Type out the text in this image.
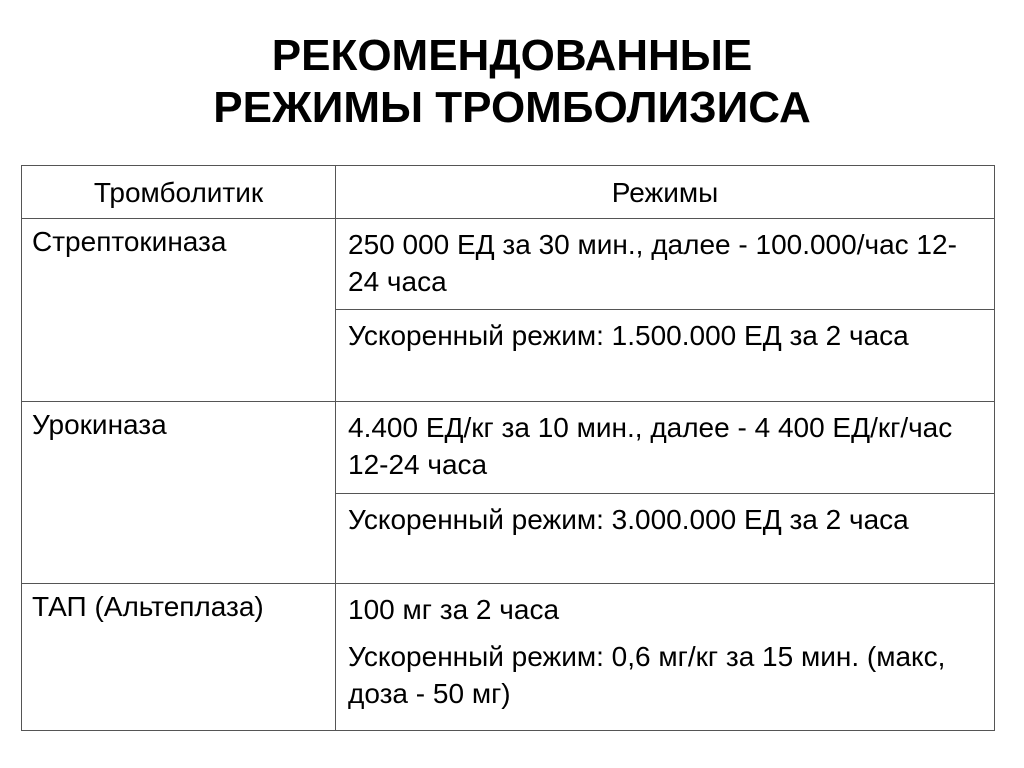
РЕКОМЕНДОВАННЫЕ
РЕЖИМЫ ТРОМБОЛИЗИСА
Тромболитик	Режимы
Стрептокиназа	250 000 ЕД за 30 мин., далее - 100.000/час 12-24 часа
	Ускоренный режим: 1.500.000 ЕД за 2 часа
Урокиназа	4.400 ЕД/кг за 10 мин., далее - 4 400 ЕД/кг/час 12-24 часа
	Ускоренный режим: 3.000.000 ЕД за 2 часа
ТАП (Альтеплаза)	100 мг за 2 часа
	Ускоренный режим: 0,6 мг/кг за 15 мин. (макс, доза - 50 мг)
